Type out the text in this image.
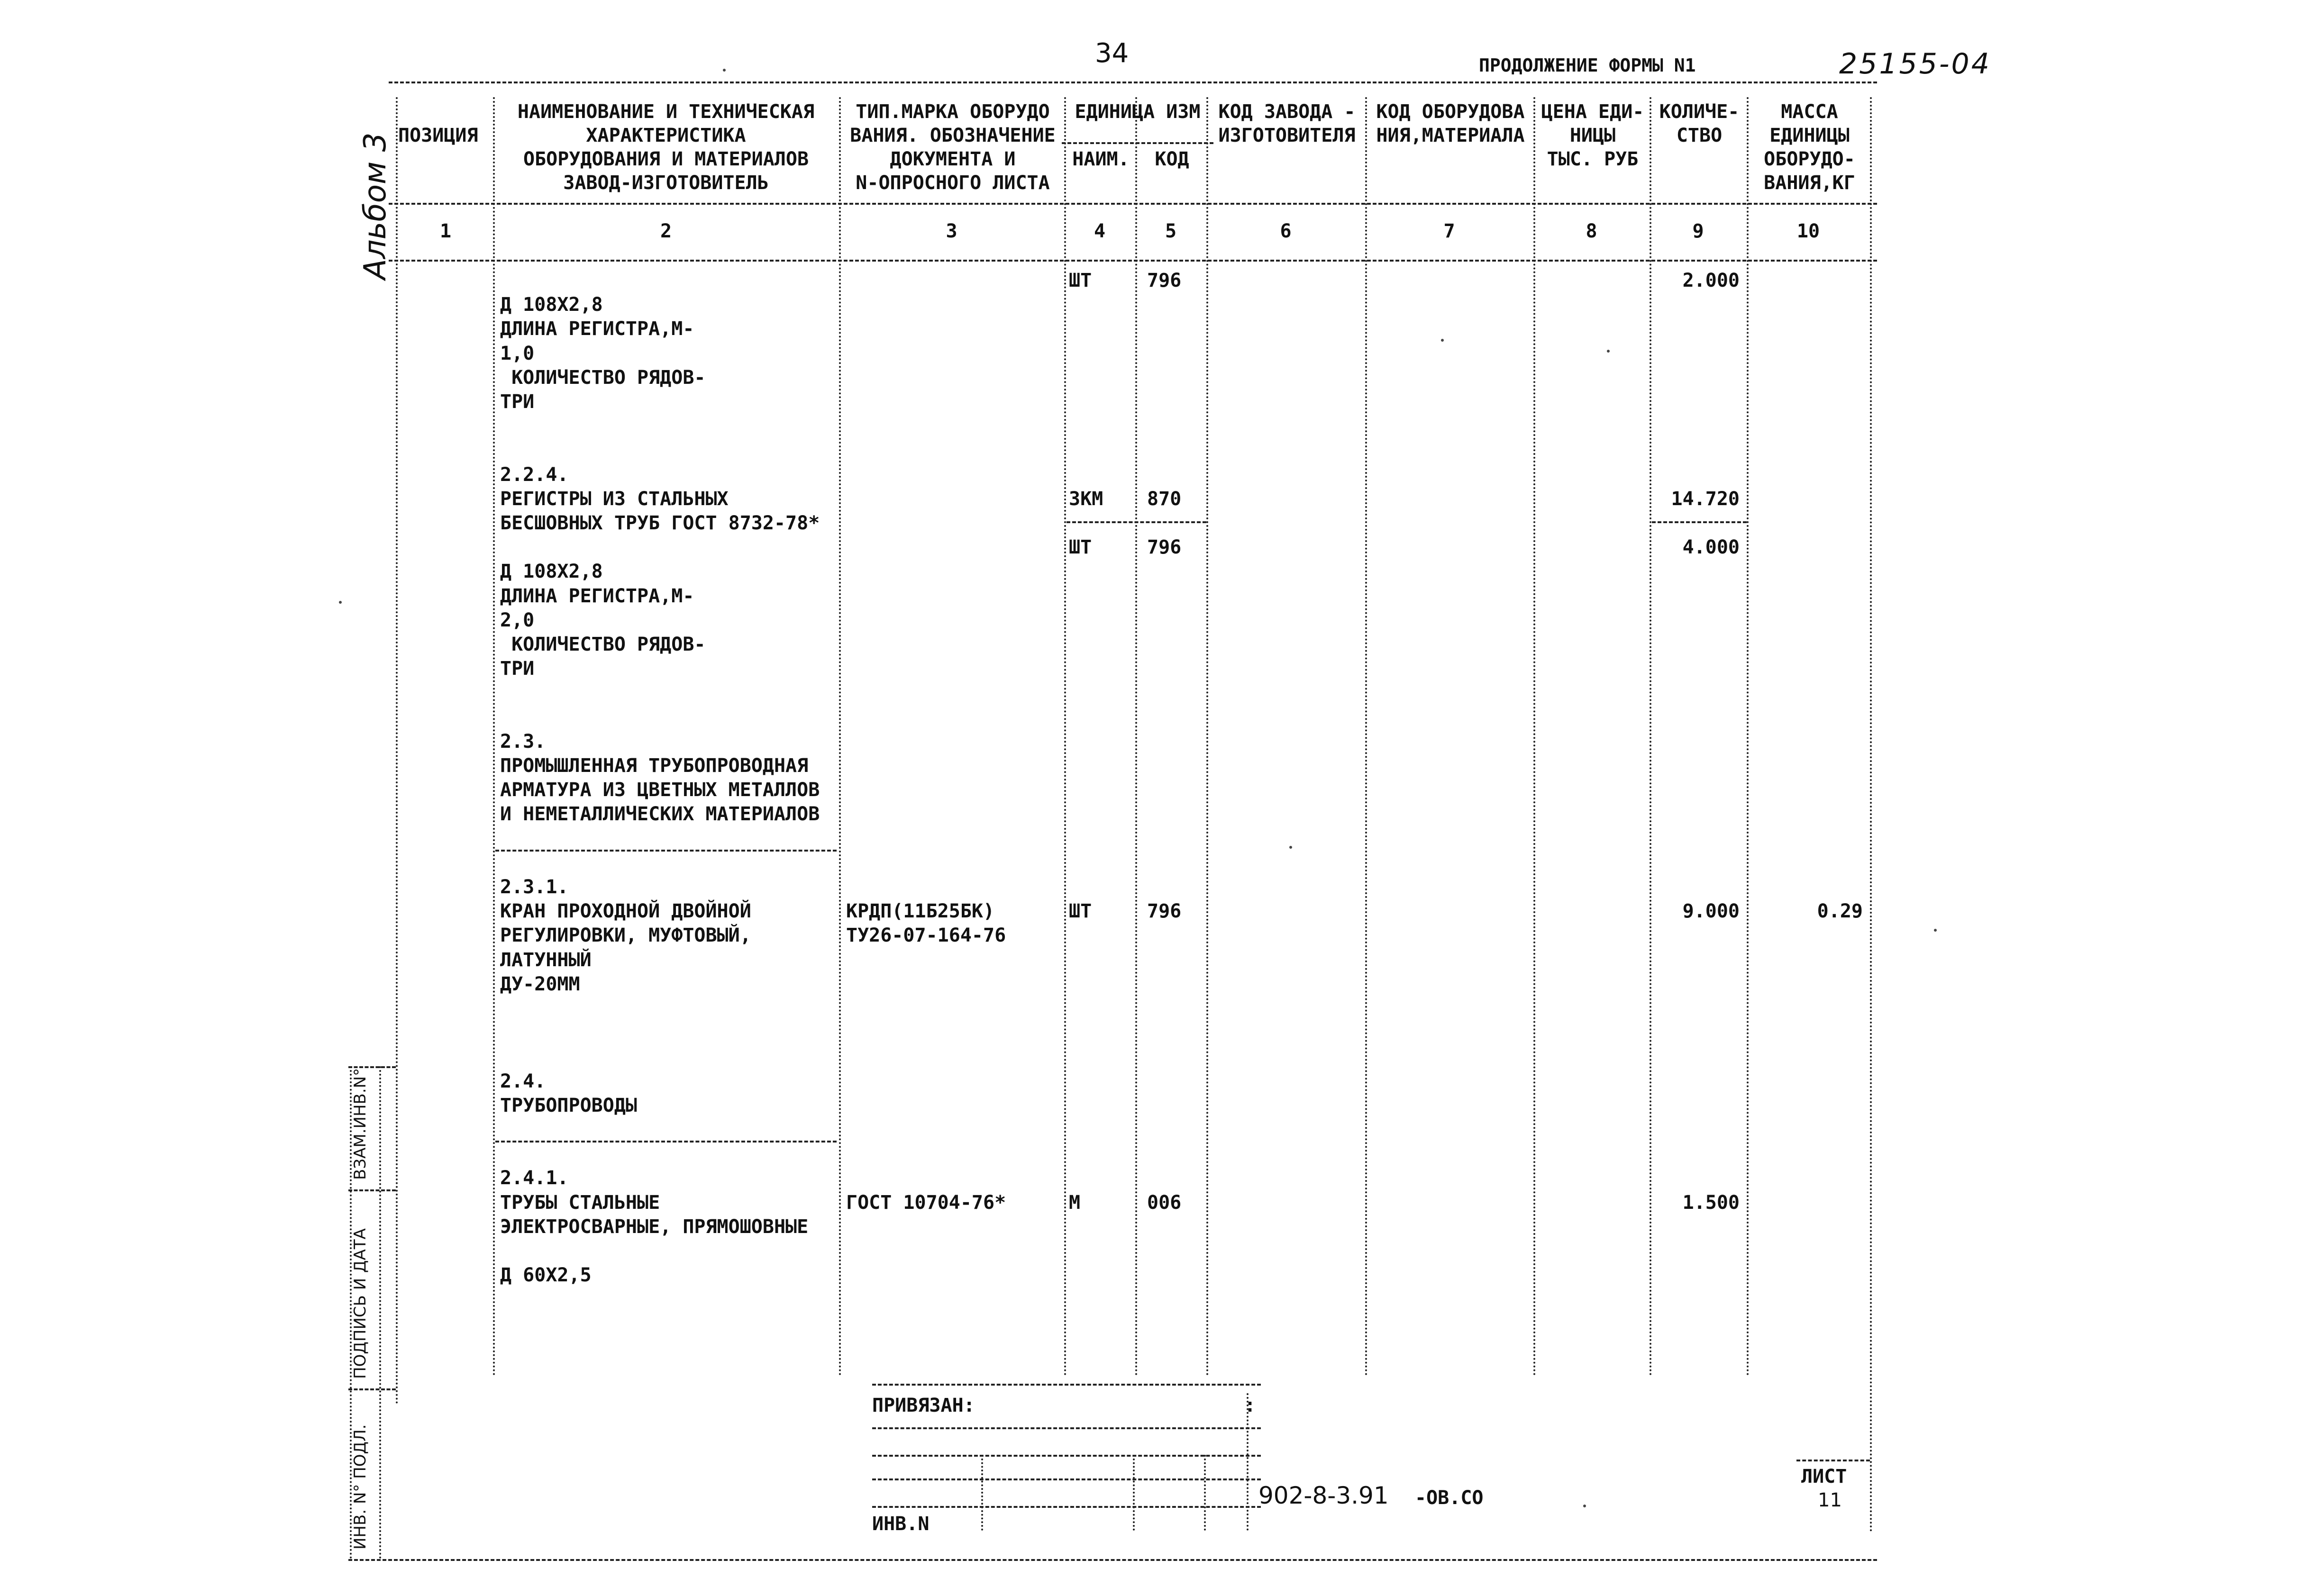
34	ПРОДОЛЖЕНИЕ ФОРМЫ N1	25155-04
Альбом 3 ПОЗИЦИЯ
НАИМЕНОВАНИЕ И ТЕХНИЧЕСКАЯ
ХАРАКТЕРИСТИКА
ОБОРУДОВАНИЯ И МАТЕРИАЛОВ
ЗАВОД-ИЗГОТОВИТЕЛЬ
ТИП.МАРКА ОБОРУДО
ВАНИЯ. ОБОЗНАЧЕНИЕ
ДОКУМЕНТА И
N-ОПРОСНОГО ЛИСТА
ЕДИНИЦА ИЗМ
НАИМ.	КОД
КОД ЗАВОДА -
ИЗГОТОВИТЕЛЯ
КОД ОБОРУДОВА
НИЯ,МАТЕРИАЛА
ЦЕНА ЕДИ-
НИЦЫ
ТЫС. РУБ
КОЛИЧЕ-
СТВО
МАССА
ЕДИНИЦЫ
ОБОРУДО-
ВАНИЯ,КГ
1	2	3	4	5	6	7	8	9	10
ШТ	796	2.000
Д 108Х2,8
ДЛИНА РЕГИСТРА,М-
1,0
КОЛИЧЕСТВО РЯДОВ-
ТРИ
2.2.4.
РЕГИСТРЫ ИЗ СТАЛЬНЫХ	ЗКМ 870	14.720
БЕСШОВНЫХ ТРУБ ГОСТ 8732-78*
ШТ	796	4.000
Д 108Х2,8
ДЛИНА РЕГИСТРА,М-
2,0
КОЛИЧЕСТВО РЯДОВ-
ТРИ
2.3.
ПРОМЫШЛЕННАЯ ТРУБОПРОВОДНАЯ
АРМАТУРА ИЗ ЦВЕТНЫХ МЕТАЛЛОВ
И НЕМЕТАЛЛИЧЕСКИХ МАТЕРИАЛОВ
2.3.1.
КРАН ПРОХОДНОЙ ДВОЙНОЙ	КРДП(11Б25БК)	ШТ	796	9.000	0.29
РЕГУЛИРОВКИ, МУФТОВЫЙ,	ТУ26-07-164-76
ЛАТУННЫЙ
ДУ-20ММ
2.4.
ТРУБОПРОВОДЫ
2.4.1.
ТРУБЫ СТАЛЬНЫЕ	ГОСТ 10704-76*	М	006	1.500
ЭЛЕКТРОСВАРНЫЕ, ПРЯМОШОВНЫЕ
Д 60Х2,5
ВЗАМ.ИНВ.N°
ПОДПИСЬ И ДАТА
ИНВ. N° ПОДЛ.
ПРИВЯЗАН:	:
ИНВ.N
902-8-3.91 -ОВ.СО
ЛИСТ
11
